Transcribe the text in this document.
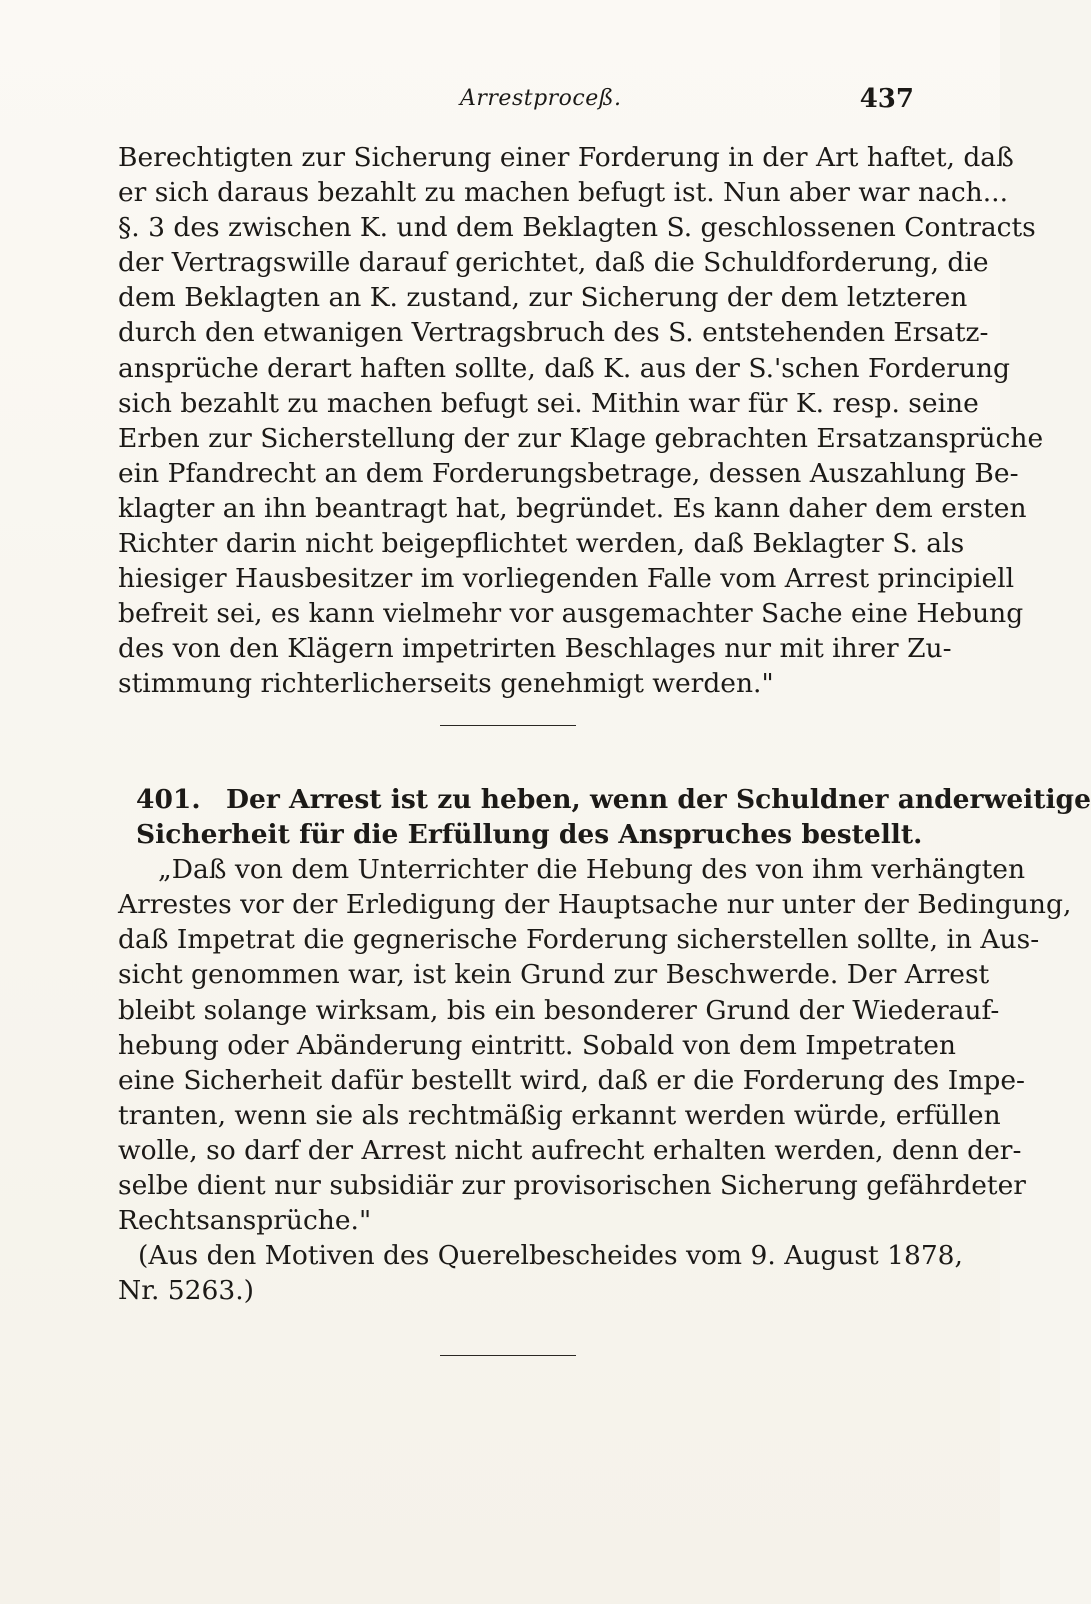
Arrestproceß.	437
Berechtigten zur Sicherung einer Forderung in der Art haftet, daß
er sich daraus bezahlt zu machen befugt ist. Nun aber war nach...
§. 3 des zwischen K. und dem Beklagten S. geschlossenen Contracts
der Vertragswille darauf gerichtet, daß die Schuldforderung, die
dem Beklagten an K. zustand, zur Sicherung der dem letzteren
durch den etwanigen Vertragsbruch des S. entstehenden Ersatz-
ansprüche derart haften sollte, daß K. aus der S.'schen Forderung
sich bezahlt zu machen befugt sei. Mithin war für K. resp. seine
Erben zur Sicherstellung der zur Klage gebrachten Ersatzansprüche
ein Pfandrecht an dem Forderungsbetrage, dessen Auszahlung Be-
klagter an ihn beantragt hat, begründet. Es kann daher dem ersten
Richter darin nicht beigepflichtet werden, daß Beklagter S. als
hiesiger Hausbesitzer im vorliegenden Falle vom Arrest principiell
befreit sei, es kann vielmehr vor ausgemachter Sache eine Hebung
des von den Klägern impetrirten Beschlages nur mit ihrer Zu-
stimmung richterlicherseits genehmigt werden."
401. Der Arrest ist zu heben, wenn der Schuldner anderweitige
Sicherheit für die Erfüllung des Anspruches bestellt.
„Daß von dem Unterrichter die Hebung des von ihm verhängten
Arrestes vor der Erledigung der Hauptsache nur unter der Bedingung,
daß Impetrat die gegnerische Forderung sicherstellen sollte, in Aus-
sicht genommen war, ist kein Grund zur Beschwerde. Der Arrest
bleibt solange wirksam, bis ein besonderer Grund der Wiederauf-
hebung oder Abänderung eintritt. Sobald von dem Impetraten
eine Sicherheit dafür bestellt wird, daß er die Forderung des Impe-
tranten, wenn sie als rechtmäßig erkannt werden würde, erfüllen
wolle, so darf der Arrest nicht aufrecht erhalten werden, denn der-
selbe dient nur subsidiär zur provisorischen Sicherung gefährdeter
Rechtsansprüche."
(Aus den Motiven des Querelbescheides vom 9. August 1878,
Nr. 5263.)
